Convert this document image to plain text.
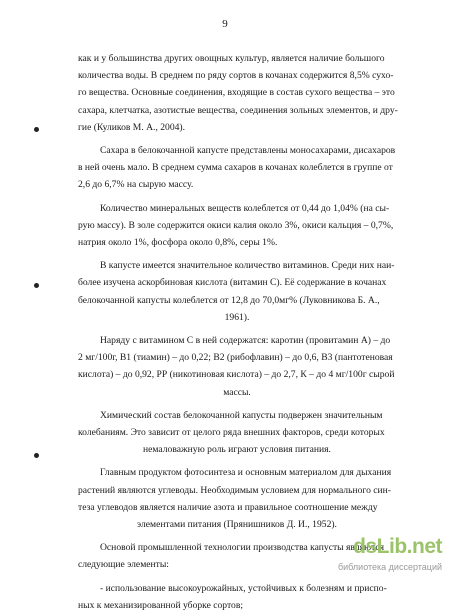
9

как и у большинства других овощных культур, является наличие большого
количества воды. В среднем по ряду сортов в кочанах содержится 8,5% сухо-
го вещества. Основные соединения, входящие в состав сухого вещества – это
сахара, клетчатка, азотистые вещества, соединения зольных элементов, и дру-
гие (Куликов М. А., 2004).

Сахара в белокочанной капусте представлены моносахарами, дисахаров
в ней очень мало. В среднем сумма сахаров в кочанах колеблется в группе от
2,6 до 6,7% на сырую массу.

Количество минеральных веществ колеблется от 0,44 до 1,04% (на сы-
рую массу). В золе содержится окиси калия около 3%, окиси кальция – 0,7%,
натрия около 1%, фосфора около 0,8%, серы 1%.

В капусте имеется значительное количество витаминов. Среди них наи-
более изучена аскорбиновая кислота (витамин С). Её содержание в кочанах
белокочанной капусты колеблется от 12,8 до 70,0мг% (Луковникова Б. А.,
1961).

Наряду с витамином С в ней содержатся: каротин (провитамин А) – до
2 мг/100г, В1 (тиамин) – до 0,22; В2 (рибофлавин) – до 0,6, В3 (пантотеновая
кислота) – до 0,92, РР (никотиновая кислота) – до 2,7, К – до 4 мг/100г сырой
массы.

Химический состав белокочанной капусты подвержен значительным
колебаниям. Это зависит от целого ряда внешних факторов, среди которых
немаловажную роль играют условия питания.

Главным продуктом фотосинтеза и основным материалом для дыхания
растений являются углеводы. Необходимым условием для нормального син-
теза углеводов является наличие азота и правильное соотношение между
элементами питания (Прянишников Д. И., 1952).

Основой промышленной технологии производства капусты являются
следующие элементы:

- использование высокоурожайных, устойчивых к болезням и приспо-
ных к механизированной уборке сортов;

dsLib.net
библиотека диссертаций
